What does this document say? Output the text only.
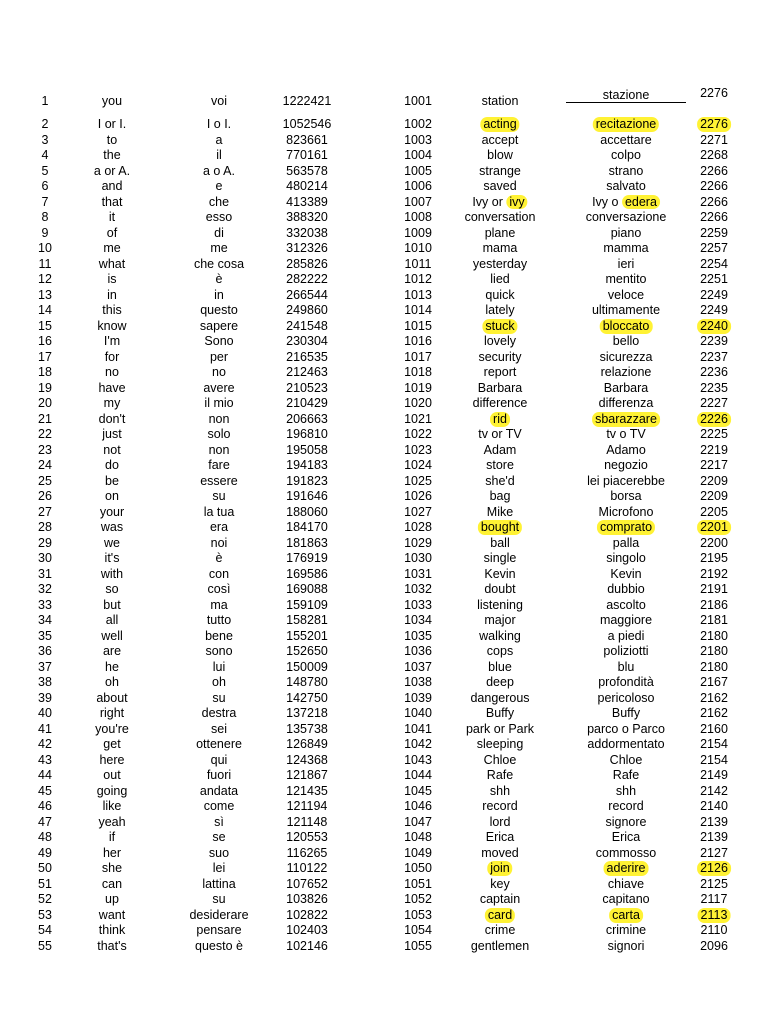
1	you	voi	1222421	1001	station	stazione	2276
2	I or I.	I o I.	1052546	1002	acting	recitazione	2276
3	to	a	823661	1003	accept	accettare	2271
4	the	il	770161	1004	blow	colpo	2268
5	a or A.	a o A.	563578	1005	strange	strano	2266
6	and	e	480214	1006	saved	salvato	2266
7	that	che	413389	1007	Ivy or ivy	Ivy o edera	2266
8	it	esso	388320	1008	conversation	conversazione	2266
9	of	di	332038	1009	plane	piano	2259
10	me	me	312326	1010	mama	mamma	2257
11	what	che cosa	285826	1011	yesterday	ieri	2254
12	is	è	282222	1012	lied	mentito	2251
13	in	in	266544	1013	quick	veloce	2249
14	this	questo	249860	1014	lately	ultimamente	2249
15	know	sapere	241548	1015	stuck	bloccato	2240
16	I'm	Sono	230304	1016	lovely	bello	2239
17	for	per	216535	1017	security	sicurezza	2237
18	no	no	212463	1018	report	relazione	2236
19	have	avere	210523	1019	Barbara	Barbara	2235
20	my	il mio	210429	1020	difference	differenza	2227
21	don't	non	206663	1021	rid	sbarazzare	2226
22	just	solo	196810	1022	tv or TV	tv o TV	2225
23	not	non	195058	1023	Adam	Adamo	2219
24	do	fare	194183	1024	store	negozio	2217
25	be	essere	191823	1025	she'd	lei piacerebbe	2209
26	on	su	191646	1026	bag	borsa	2209
27	your	la tua	188060	1027	Mike	Microfono	2205
28	was	era	184170	1028	bought	comprato	2201
29	we	noi	181863	1029	ball	palla	2200
30	it's	è	176919	1030	single	singolo	2195
31	with	con	169586	1031	Kevin	Kevin	2192
32	so	così	169088	1032	doubt	dubbio	2191
33	but	ma	159109	1033	listening	ascolto	2186
34	all	tutto	158281	1034	major	maggiore	2181
35	well	bene	155201	1035	walking	a piedi	2180
36	are	sono	152650	1036	cops	poliziotti	2180
37	he	lui	150009	1037	blue	blu	2180
38	oh	oh	148780	1038	deep	profondità	2167
39	about	su	142750	1039	dangerous	pericoloso	2162
40	right	destra	137218	1040	Buffy	Buffy	2162
41	you're	sei	135738	1041	park or Park	parco o Parco	2160
42	get	ottenere	126849	1042	sleeping	addormentato	2154
43	here	qui	124368	1043	Chloe	Chloe	2154
44	out	fuori	121867	1044	Rafe	Rafe	2149
45	going	andata	121435	1045	shh	shh	2142
46	like	come	121194	1046	record	record	2140
47	yeah	sì	121148	1047	lord	signore	2139
48	if	se	120553	1048	Erica	Erica	2139
49	her	suo	116265	1049	moved	commosso	2127
50	she	lei	110122	1050	join	aderire	2126
51	can	lattina	107652	1051	key	chiave	2125
52	up	su	103826	1052	captain	capitano	2117
53	want	desiderare	102822	1053	card	carta	2113
54	think	pensare	102403	1054	crime	crimine	2110
55	that's	questo è	102146	1055	gentlemen	signori	2096
